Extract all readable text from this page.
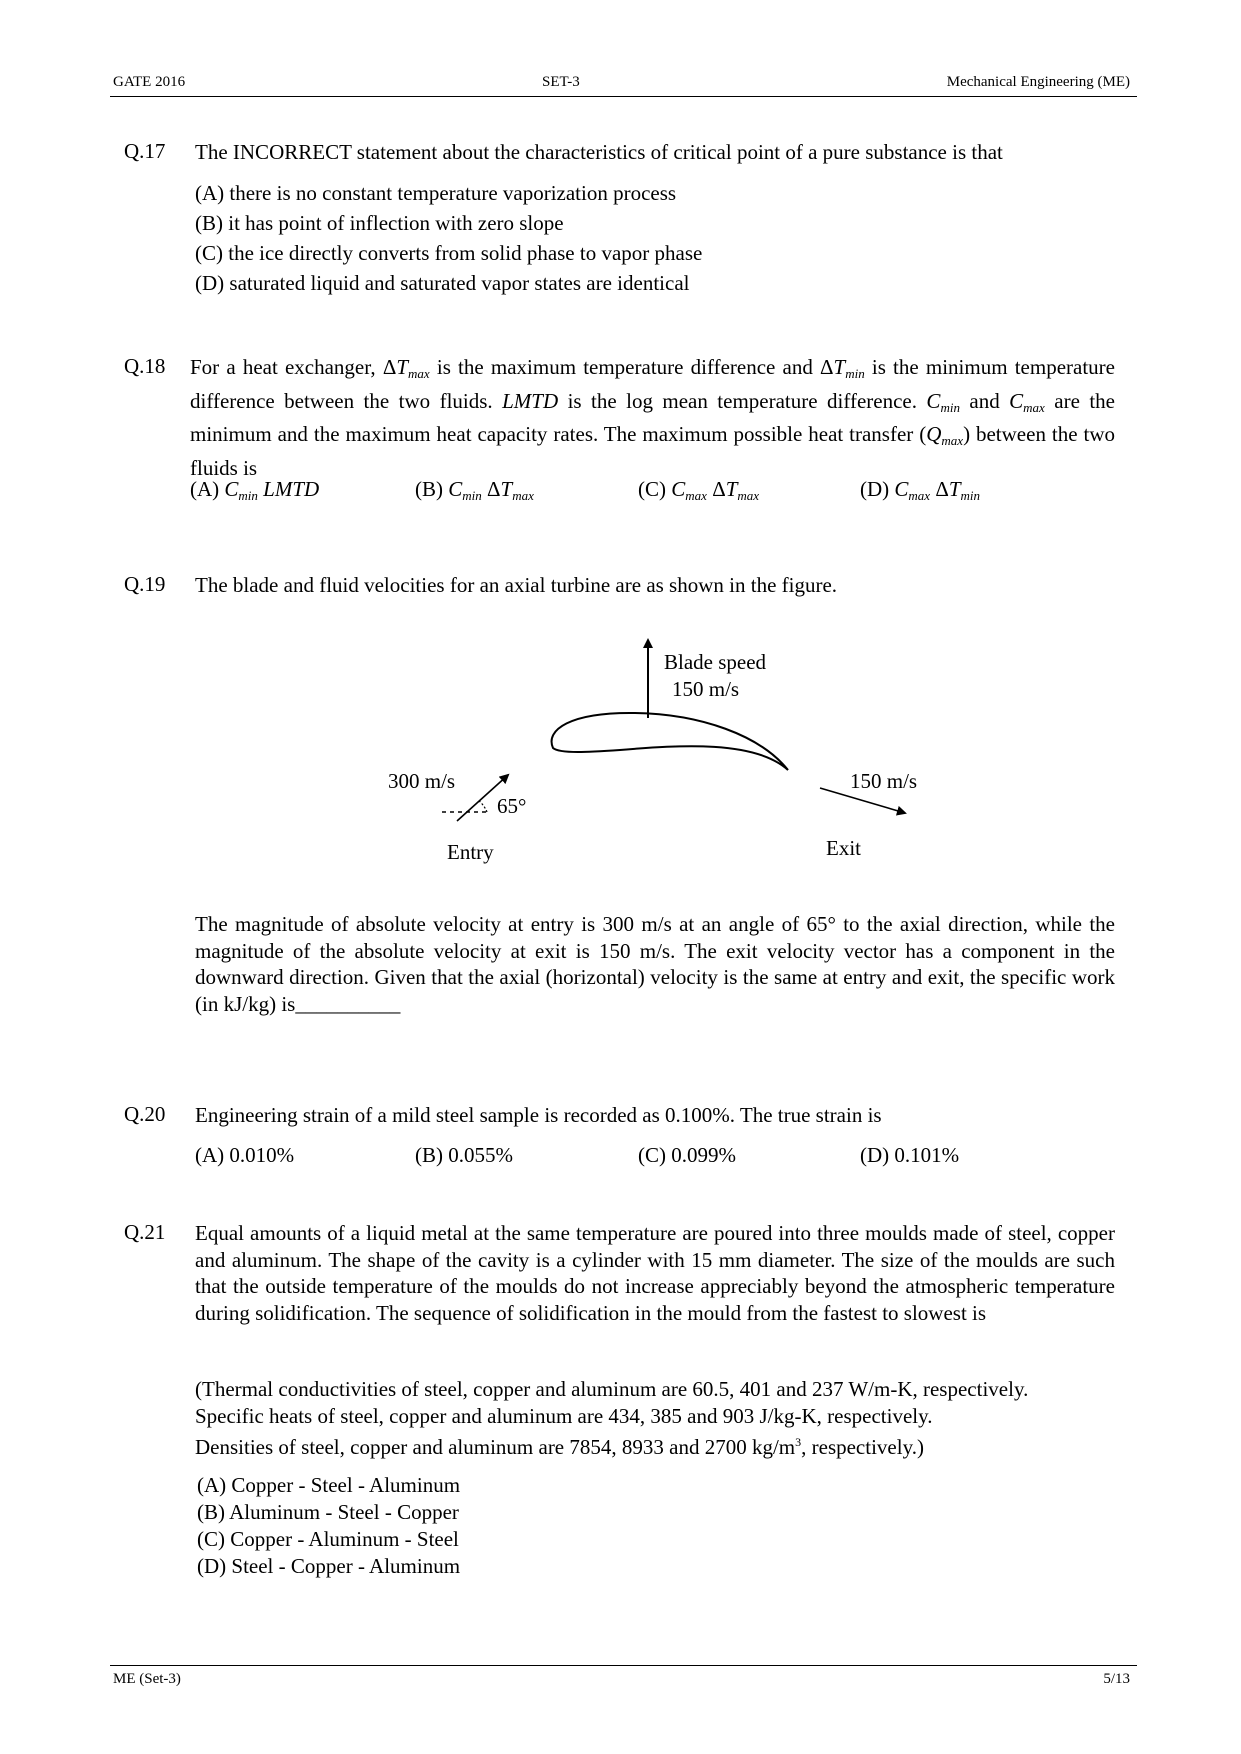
GATE 2016	SET-3	Mechanical Engineering (ME)
Q.17 The INCORRECT statement about the characteristics of critical point of a pure substance is that
(A) there is no constant temperature vaporization process
(B) it has point of inflection with zero slope
(C) the ice directly converts from solid phase to vapor phase
(D) saturated liquid and saturated vapor states are identical
Q.18 For a heat exchanger, $\Delta T_{max}$ is the maximum temperature difference and $\Delta T_{min}$ is the minimum temperature difference between the two fluids. LMTD is the log mean temperature difference. $C_{min}$ and $C_{max}$ are the minimum and the maximum heat capacity rates. The maximum possible heat transfer $(Q_{max})$ between the two fluids is
(A) $C_{min}$ LMTD	(B) $C_{min}$ $\Delta T_{max}$	(C) $C_{max}$ $\Delta T_{max}$	(D) $C_{max}$ $\Delta T_{min}$
Q.19 The blade and fluid velocities for an axial turbine are as shown in the figure.
Blade speed
150 m/s
300 m/s
65°
150 m/s
Entry	Exit
The magnitude of absolute velocity at entry is 300 m/s at an angle of 65° to the axial direction, while the magnitude of the absolute velocity at exit is 150 m/s. The exit velocity vector has a component in the downward direction. Given that the axial (horizontal) velocity is the same at entry and exit, the specific work (in kJ/kg) is__________
Q.20 Engineering strain of a mild steel sample is recorded as 0.100%. The true strain is
(A) 0.010%	(B) 0.055%	(C) 0.099%	(D) 0.101%
Q.21 Equal amounts of a liquid metal at the same temperature are poured into three moulds made of steel, copper and aluminum. The shape of the cavity is a cylinder with 15 mm diameter. The size of the moulds are such that the outside temperature of the moulds do not increase appreciably beyond the atmospheric temperature during solidification. The sequence of solidification in the mould from the fastest to slowest is
(Thermal conductivities of steel, copper and aluminum are 60.5, 401 and 237 W/m-K, respectively.
Specific heats of steel, copper and aluminum are 434, 385 and 903 J/kg-K, respectively.
Densities of steel, copper and aluminum are 7854, 8933 and 2700 $kg/m^3$, respectively.)
(A) Copper - Steel - Aluminum
(B) Aluminum - Steel - Copper
(C) Copper - Aluminum - Steel
(D) Steel - Copper - Aluminum
ME (Set-3)	5/13
